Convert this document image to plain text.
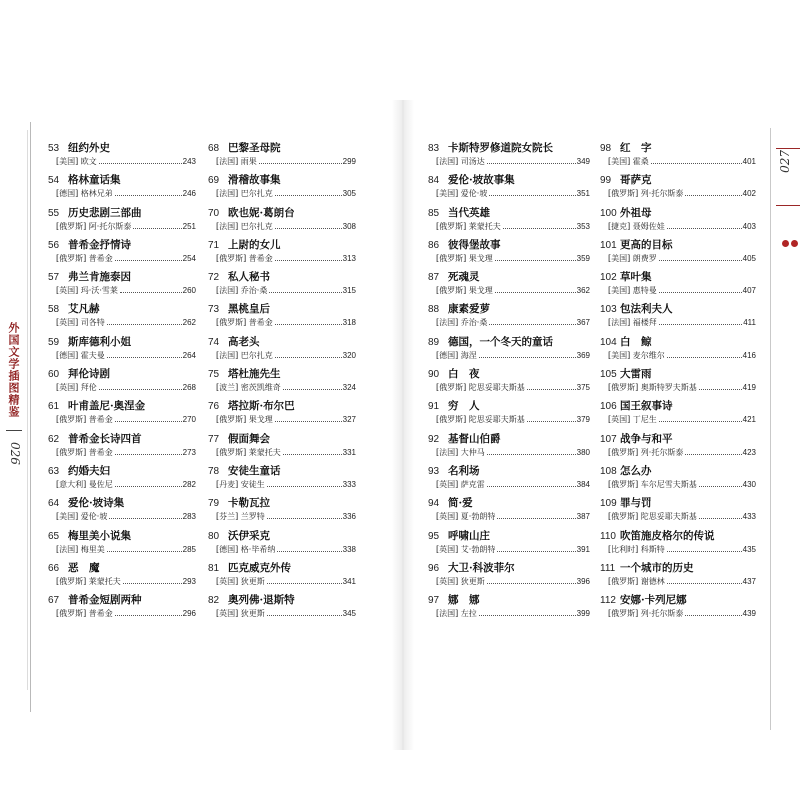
外国文学插图精鉴
026
027
53 纽约外史
[美国] 欧文	243
54 格林童话集
[德国] 格林兄弟	246
55 历史悲剧三部曲
[俄罗斯] 阿·托尔斯泰	251
56 普希金抒情诗
[俄罗斯] 普希金	254
57 弗兰肯施泰因
[英国] 玛·沃·雪莱	260
58 艾凡赫
[英国] 司各特	262
59 斯库德利小姐
[德国] 霍夫曼	264
60 拜伦诗剧
[英国] 拜伦	268
61 叶甫盖尼·奥涅金
[俄罗斯] 普希金	270
62 普希金长诗四首
[俄罗斯] 普希金	273
63 约婚夫妇
[意大利] 曼佐尼	282
64 爱伦·坡诗集
[美国] 爱伦·坡	283
65 梅里美小说集
[法国] 梅里美	285
66 恶　魔
[俄罗斯] 莱蒙托夫	293
67 普希金短剧两种
[俄罗斯] 普希金	296
68 巴黎圣母院
[法国] 雨果	299
69 滑稽故事集
[法国] 巴尔扎克	305
70 欧也妮·葛朗台
[法国] 巴尔扎克	308
71 上尉的女儿
[俄罗斯] 普希金	313
72 私人秘书
[法国] 乔治·桑	315
73 黑桃皇后
[俄罗斯] 普希金	318
74 高老头
[法国] 巴尔扎克	320
75 塔杜施先生
[波兰] 密茨凯维奇	324
76 塔拉斯·布尔巴
[俄罗斯] 果戈理	327
77 假面舞会
[俄罗斯] 莱蒙托夫	331
78 安徒生童话
[丹麦] 安徒生	333
79 卡勒瓦拉
[芬兰] 兰罗特	336
80 沃伊采克
[德国] 格·毕希纳	338
81 匹克威克外传
[英国] 狄更斯	341
82 奥列佛·退斯特
[英国] 狄更斯	345
83 卡斯特罗修道院女院长
[法国] 司汤达	349
84 爱伦·坡故事集
[美国] 爱伦·坡	351
85 当代英雄
[俄罗斯] 莱蒙托夫	353
86 彼得堡故事
[俄罗斯] 果戈理	359
87 死魂灵
[俄罗斯] 果戈理	362
88 康素爱萝
[法国] 乔治·桑	367
89 德国，一个冬天的童话
[德国] 海涅	369
90 白　夜
[俄罗斯] 陀思妥耶夫斯基	375
91 穷　人
[俄罗斯] 陀思妥耶夫斯基	379
92 基督山伯爵
[法国] 大仲马	380
93 名利场
[英国] 萨克雷	384
94 简·爱
[英国] 夏·勃朗特	387
95 呼啸山庄
[英国] 艾·勃朗特	391
96 大卫·科波菲尔
[英国] 狄更斯	396
97 娜　娜
[法国] 左拉	399
98 红　字
[美国] 霍桑	401
99 哥萨克
[俄罗斯] 列·托尔斯泰	402
100 外祖母
[捷克] 聂姆佐娃	403
101 更高的目标
[美国] 朗费罗	405
102 草叶集
[美国] 惠特曼	407
103 包法利夫人
[法国] 福楼拜	411
104 白　鲸
[美国] 麦尔维尔	416
105 大雷雨
[俄罗斯] 奥斯特罗夫斯基	419
106 国王叙事诗
[英国] 丁尼生	421
107 战争与和平
[俄罗斯] 列·托尔斯泰	423
108 怎么办
[俄罗斯] 车尔尼雪夫斯基	430
109 罪与罚
[俄罗斯] 陀思妥耶夫斯基	433
110 吹笛施皮格尔的传说
[比利时] 科斯特	435
111 一个城市的历史
[俄罗斯] 谢德林	437
112 安娜·卡列尼娜
[俄罗斯] 列·托尔斯泰	439
